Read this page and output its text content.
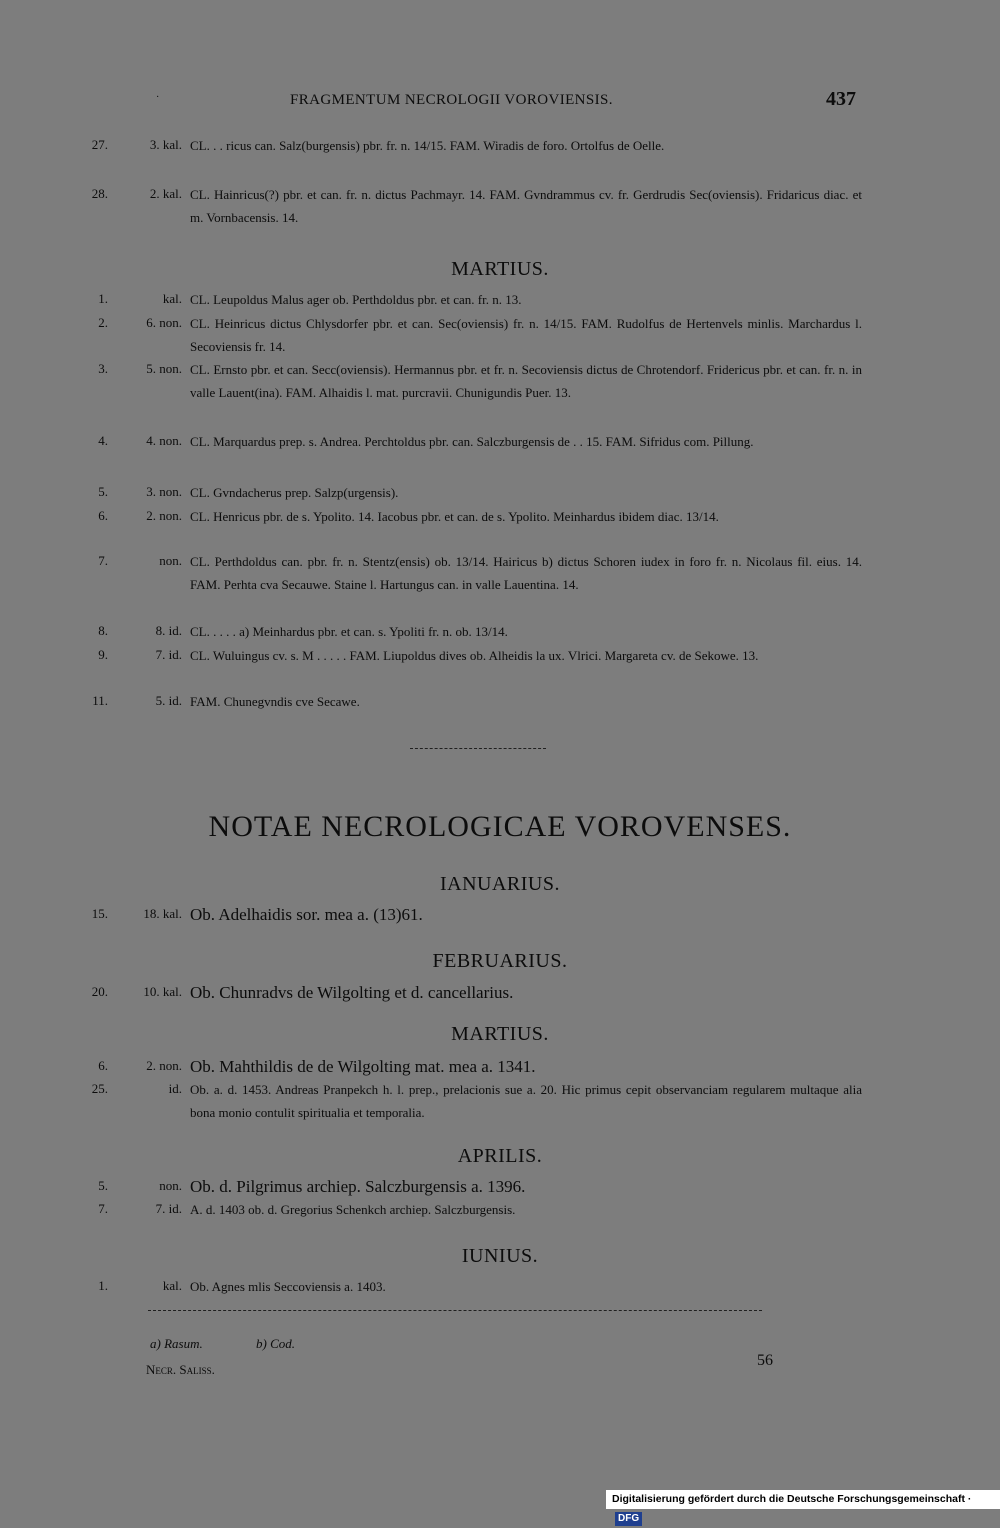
·	FRAGMENTUM NECROLOGII VOROVIENSIS.	437
27.	3. kal. CL. . . ricus can. Salz(burgensis) pbr. fr. n. 14/15. FAM. Wiradis de foro. Ortolfus de Oelle.
28.	2. kal. CL. Hainricus(?) pbr. et can. fr. n. dictus Pachmayr. 14. FAM. Gvndrammus cv. fr. Gerdrudis Sec(oviensis). Fridaricus diac. et m. Vornbacensis. 14.
MARTIUS.
1.	kal. CL. Leupoldus Malus ager ob. Perthdoldus pbr. et can. fr. n. 13.
2.	6. non. CL. Heinricus dictus Chlysdorfer pbr. et can. Sec(oviensis) fr. n. 14/15. FAM. Rudolfus de Hertenvels minlis. Marchardus l. Secoviensis fr. 14.
3.	5. non. CL. Ernsto pbr. et can. Secc(oviensis). Hermannus pbr. et fr. n. Secoviensis dictus de Chrotendorf. Fridericus pbr. et can. fr. n. in valle Lauent(ina). FAM. Alhaidis l. mat. purcravii. Chunigundis Puer. 13.
4.	4. non. CL. Marquardus prep. s. Andrea. Perchtoldus pbr. can. Salczburgensis de . . 15. FAM. Sifridus com. Pillung.
5.	3. non. CL. Gvndacherus prep. Salzp(urgensis).
6.	2. non. CL. Henricus pbr. de s. Ypolito. 14. Iacobus pbr. et can. de s. Ypolito. Meinhardus ibidem diac. 13/14.
7.	non. CL. Perthdoldus can. pbr. fr. n. Stentz(ensis) ob. 13/14. Hairicus b) dictus Schoren iudex in foro fr. n. Nicolaus fil. eius. 14. FAM. Perhta cva Secauwe. Staine l. Hartungus can. in valle Lauentina. 14.
8.	8. id. CL. . . . . a) Meinhardus pbr. et can. s. Ypoliti fr. n. ob. 13/14.
9.	7. id. CL. Wuluingus cv. s. M . . . . . FAM. Liupoldus dives ob. Alheidis la ux. Vlrici. Margareta cv. de Sekowe. 13.
11.	5. id. FAM. Chunegvndis cve Secawe.
NOTAE NECROLOGICAE VOROVENSES.
IANUARIUS.
15.	18. kal. Ob. Adelhaidis sor. mea a. (13)61.
FEBRUARIUS.
20.	10. kal. Ob. Chunradvs de Wilgolting et d. cancellarius.
MARTIUS.
6.	2. non. Ob. Mahthildis de de Wilgolting mat. mea a. 1341.
25.	id. Ob. a. d. 1453. Andreas Pranpekch h. l. prep., prelacionis sue a. 20. Hic primus cepit observanciam regularem multaque alia bona monio contulit spiritualia et temporalia.
APRILIS.
5.	non. Ob. d. Pilgrimus archiep. Salczburgensis a. 1396.
7.	7. id. A. d. 1403 ob. d. Gregorius Schenkch archiep. Salczburgensis.
IUNIUS.
1.	kal. Ob. Agnes mlis Seccoviensis a. 1403.
a) Rasum.	b) Cod.
Necr. Saliss.
56
Digitalisierung gefördert durch die Deutsche Forschungsgemeinschaft · DFG
